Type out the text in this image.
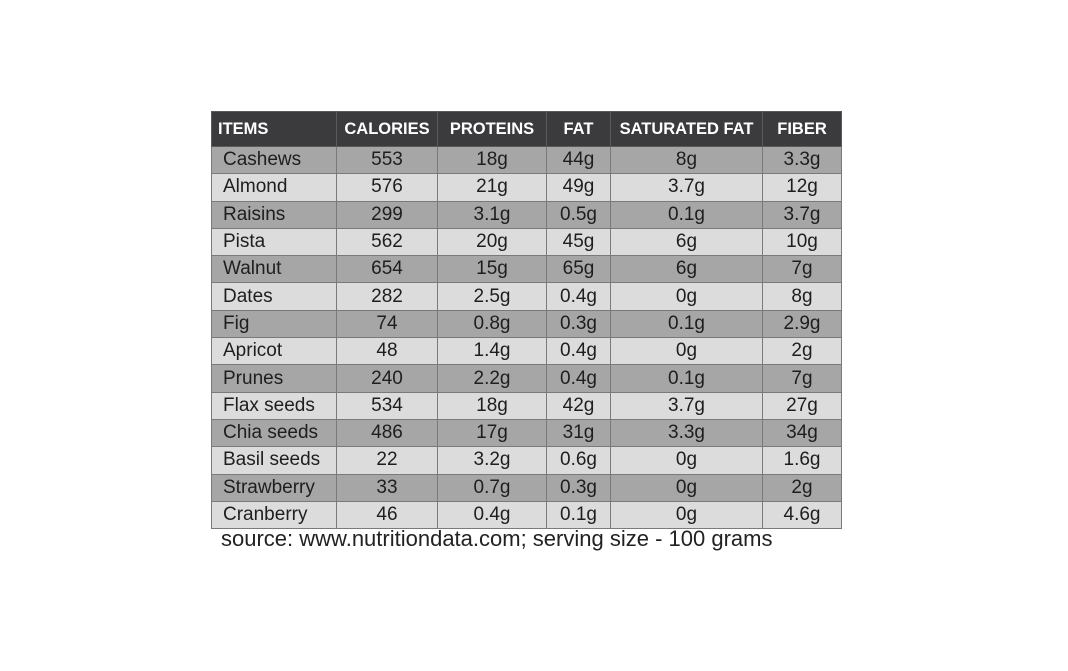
ITEMS	CALORIES	PROTEINS	FAT	SATURATED FAT	FIBER
Cashews	553	18g	44g	8g	3.3g
Almond	576	21g	49g	3.7g	12g
Raisins	299	3.1g	0.5g	0.1g	3.7g
Pista	562	20g	45g	6g	10g
Walnut	654	15g	65g	6g	7g
Dates	282	2.5g	0.4g	0g	8g
Fig	74	0.8g	0.3g	0.1g	2.9g
Apricot	48	1.4g	0.4g	0g	2g
Prunes	240	2.2g	0.4g	0.1g	7g
Flax seeds	534	18g	42g	3.7g	27g
Chia seeds	486	17g	31g	3.3g	34g
Basil seeds	22	3.2g	0.6g	0g	1.6g
Strawberry	33	0.7g	0.3g	0g	2g
Cranberry	46	0.4g	0.1g	0g	4.6g
source: www.nutritiondata.com; serving size - 100 grams
